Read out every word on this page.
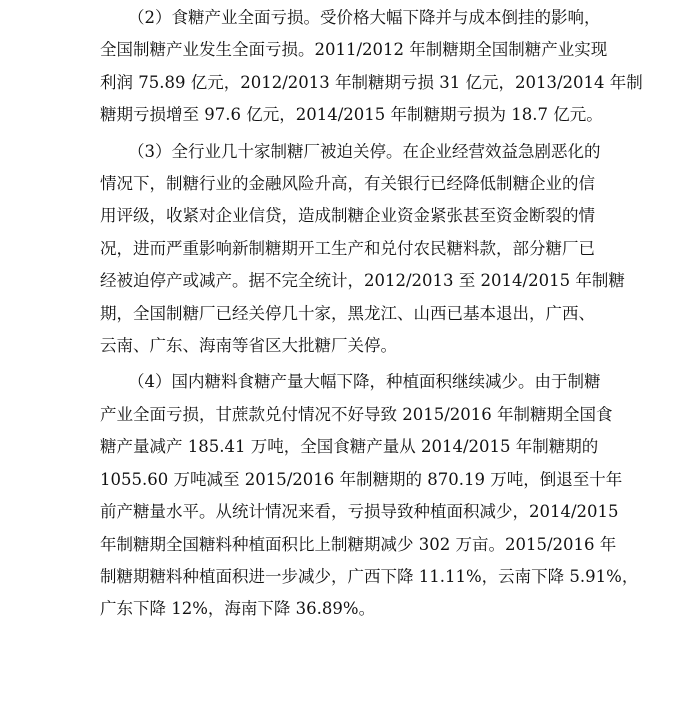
（2）食糖产业全面亏损。受价格大幅下降并与成本倒挂的影响，
全国制糖产业发生全面亏损。2011/2012 年制糖期全国制糖产业实现
利润 75.89 亿元，2012/2013 年制糖期亏损 31 亿元，2013/2014 年制
糖期亏损增至 97.6 亿元，2014/2015 年制糖期亏损为 18.7 亿元。
（3）全行业几十家制糖厂被迫关停。在企业经营效益急剧恶化的
情况下，制糖行业的金融风险升高，有关银行已经降低制糖企业的信
用评级，收紧对企业信贷，造成制糖企业资金紧张甚至资金断裂的情
况，进而严重影响新制糖期开工生产和兑付农民糖料款，部分糖厂已
经被迫停产或减产。据不完全统计，2012/2013 至 2014/2015 年制糖
期，全国制糖厂已经关停几十家，黑龙江、山西已基本退出，广西、
云南、广东、海南等省区大批糖厂关停。
（4）国内糖料食糖产量大幅下降，种植面积继续减少。由于制糖
产业全面亏损，甘蔗款兑付情况不好导致 2015/2016 年制糖期全国食
糖产量减产 185.41 万吨，全国食糖产量从 2014/2015 年制糖期的
1055.60 万吨减至 2015/2016 年制糖期的 870.19 万吨，倒退至十年
前产糖量水平。从统计情况来看，亏损导致种植面积减少，2014/2015
年制糖期全国糖料种植面积比上制糖期减少 302 万亩。2015/2016 年
制糖期糖料种植面积进一步减少，广西下降 11.11%，云南下降 5.91%，
广东下降 12%，海南下降 36.89%。
